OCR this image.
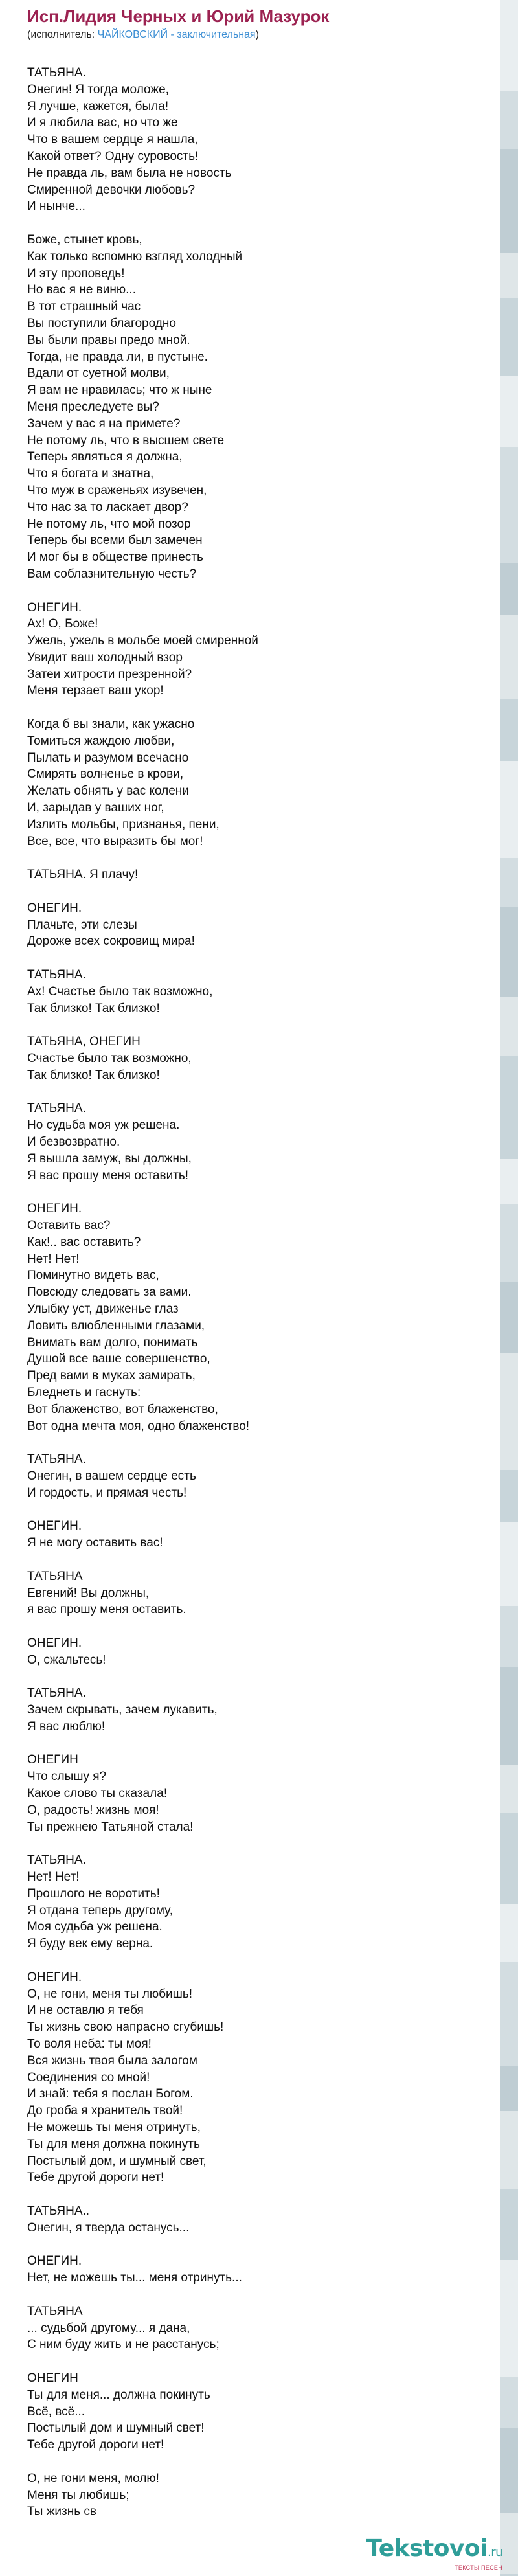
Исп.Лидия Черных и Юрий Мазурок
(исполнитель: ЧАЙКОВСКИЙ - заключительная)
ТАТЬЯНА.
Онегин! Я тогда моложе,
Я лучше, кажется, была!
И я любила вас, но что же
Что в вашем сердце я нашла,
Какой ответ? Одну суровость!
Не правда ль, вам была не новость
Смиренной девочки любовь?
И нынче...

Боже, стынет кровь,
Как только вспомню взгляд холодный
И эту проповедь!
Но вас я не виню...
В тот страшный час
Вы поступили благородно
Вы были правы предо мной.
Тогда, не правда ли, в пустыне.
Вдали от суетной молви,
Я вам не нравилась; что ж ныне
Меня преследуете вы?
Зачем у вас я на примете?
Не потому ль, что в высшем свете
Теперь являться я должна,
Что я богата и знатна,
Что муж в сраженьях изувечен,
Что нас за то ласкает двор?
Не потому ль, что мой позор
Теперь бы всеми был замечен
И мог бы в обществе принесть
Вам соблазнительную честь?

ОНЕГИН.
Ах! О, Боже!
Ужель, ужель в мольбе моей смиренной
Увидит ваш холодный взор
Затеи хитрости презренной?
Меня терзает ваш укор!

Когда б вы знали, как ужасно
Томиться жаждою любви,
Пылать и разумом всечасно
Смирять волненье в крови,
Желать обнять у вас колени
И, зарыдав у ваших ног,
Излить мольбы, признанья, пени,
Все, все, что выразить бы мог!

ТАТЬЯНА. Я плачу!

ОНЕГИН.
Плачьте, эти слезы
Дороже всех сокровищ мира!

ТАТЬЯНА.
Ах! Счастье было так возможно,
Так близко! Так близко!

ТАТЬЯНА, ОНЕГИН
Счастье было так возможно,
Так близко! Так близко!

ТАТЬЯНА.
Но судьба моя уж решена.
И безвозвратно.
Я вышла замуж, вы должны,
Я вас прошу меня оставить!

ОНЕГИН.
Оставить вас?
Как!.. вас оставить?
Нет! Нет!
Поминутно видеть вас,
Повсюду следовать за вами.
Улыбку уст, движенье глаз
Ловить влюбленными глазами,
Внимать вам долго, понимать
Душой все ваше совершенство,
Пред вами в муках замирать,
Бледнеть и гаснуть:
Вот блаженство, вот блаженство,
Вот одна мечта моя, одно блаженство!

ТАТЬЯНА.
Онегин, в вашем сердце есть
И гордость, и прямая честь!

ОНЕГИН.
Я не могу оставить вас!

ТАТЬЯНА
Евгений! Вы должны,
я вас прошу меня оставить.

ОНЕГИН.
О, сжальтесь!

ТАТЬЯНА.
Зачем скрывать, зачем лукавить,
Я вас люблю!

ОНЕГИН
Что слышу я?
Какое слово ты сказала!
О, радость! жизнь моя!
Ты прежнею Татьяной стала!

ТАТЬЯНА.
Нет! Нет!
Прошлого не воротить!
Я отдана теперь другому,
Моя судьба уж решена.
Я буду век ему верна.

ОНЕГИН.
О, не гони, меня ты любишь!
И не оставлю я тебя
Ты жизнь свою напрасно сгубишь!
То воля неба: ты моя!
Вся жизнь твоя была залогом
Соединения со мной!
И знай: тебя я послан Богом.
До гроба я хранитель твой!
Не можешь ты меня отринуть,
Ты для меня должна покинуть
Постылый дом, и шумный свет,
Тебе другой дороги нет!

ТАТЬЯНА..
Онегин, я тверда останусь...

ОНЕГИН.
Нет, не можешь ты... меня отринуть...

ТАТЬЯНА
... судьбой другому... я дана,
С ним буду жить и не расстанусь;

ОНЕГИН
Ты для меня... должна покинуть
Всё, всё...
Постылый дом и шумный свет!
Тебе другой дороги нет!

О, не гони меня, молю!
Меня ты любишь;
Ты жизнь св
Tekstovoi.ru
ТЕКСТЫ ПЕСЕН
